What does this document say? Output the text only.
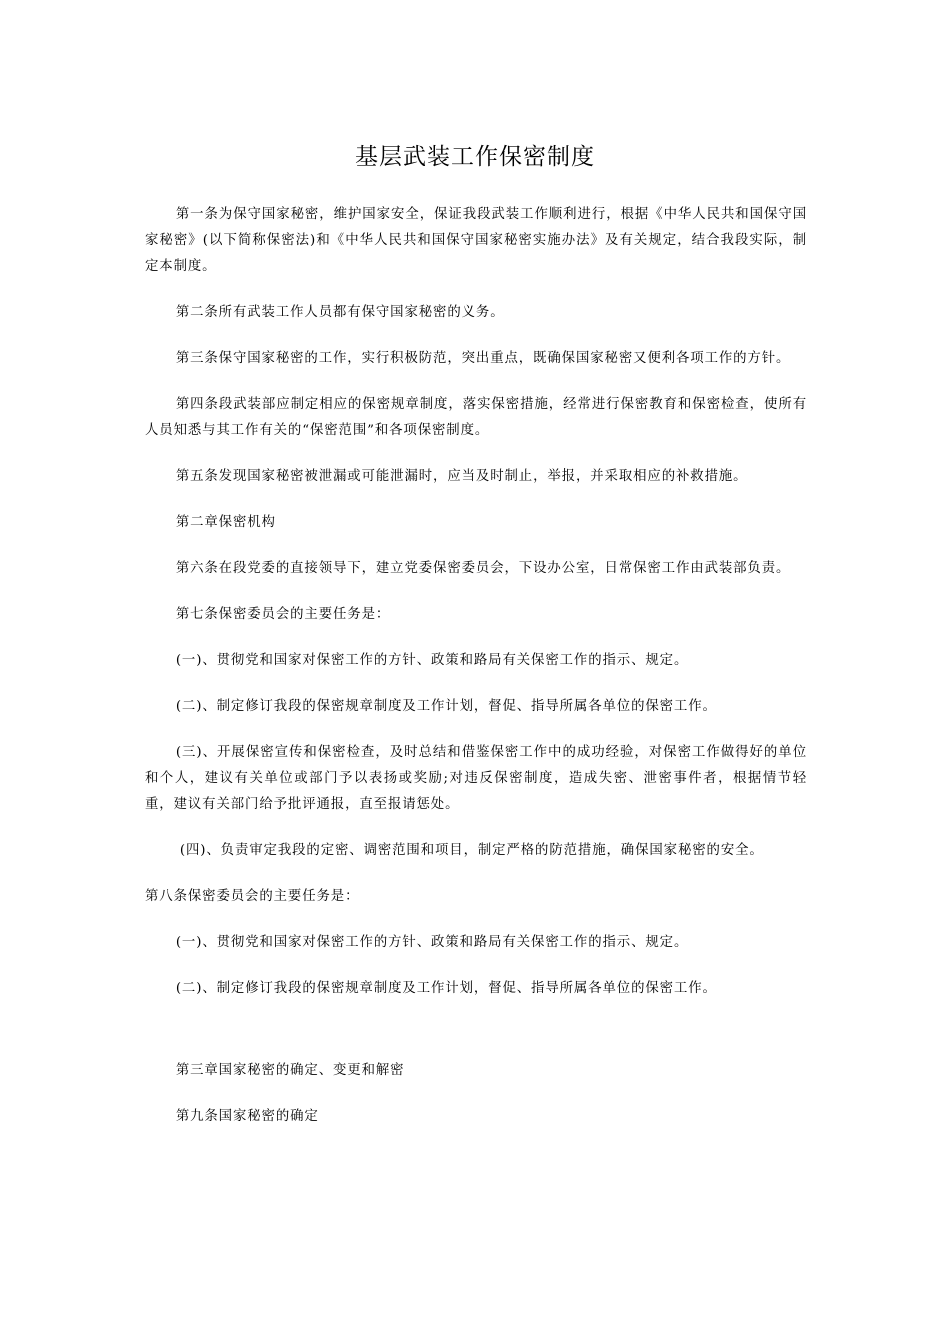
基层武装工作保密制度

第一条为保守国家秘密，维护国家安全，保证我段武装工作顺利进行，根据《中华人民共和国保守国家秘密》(以下简称保密法)和《中华人民共和国保守国家秘密实施办法》及有关规定，结合我段实际，制定本制度。

第二条所有武装工作人员都有保守国家秘密的义务。

第三条保守国家秘密的工作，实行积极防范，突出重点，既确保国家秘密又便利各项工作的方针。

第四条段武装部应制定相应的保密规章制度，落实保密措施，经常进行保密教育和保密检查，使所有人员知悉与其工作有关的“保密范围”和各项保密制度。

第五条发现国家秘密被泄漏或可能泄漏时，应当及时制止，举报，并采取相应的补救措施。

第二章保密机构

第六条在段党委的直接领导下，建立党委保密委员会，下设办公室，日常保密工作由武装部负责。

第七条保密委员会的主要任务是：

(一)、贯彻党和国家对保密工作的方针、政策和路局有关保密工作的指示、规定。

(二)、制定修订我段的保密规章制度及工作计划，督促、指导所属各单位的保密工作。

(三)、开展保密宣传和保密检查，及时总结和借鉴保密工作中的成功经验，对保密工作做得好的单位和个人，建议有关单位或部门予以表扬或奖励;对违反保密制度，造成失密、泄密事件者，根据情节轻重，建议有关部门给予批评通报，直至报请惩处。

(四)、负责审定我段的定密、调密范围和项目，制定严格的防范措施，确保国家秘密的安全。

第八条保密委员会的主要任务是：

(一)、贯彻党和国家对保密工作的方针、政策和路局有关保密工作的指示、规定。

(二)、制定修订我段的保密规章制度及工作计划，督促、指导所属各单位的保密工作。

第三章国家秘密的确定、变更和解密

第九条国家秘密的确定
